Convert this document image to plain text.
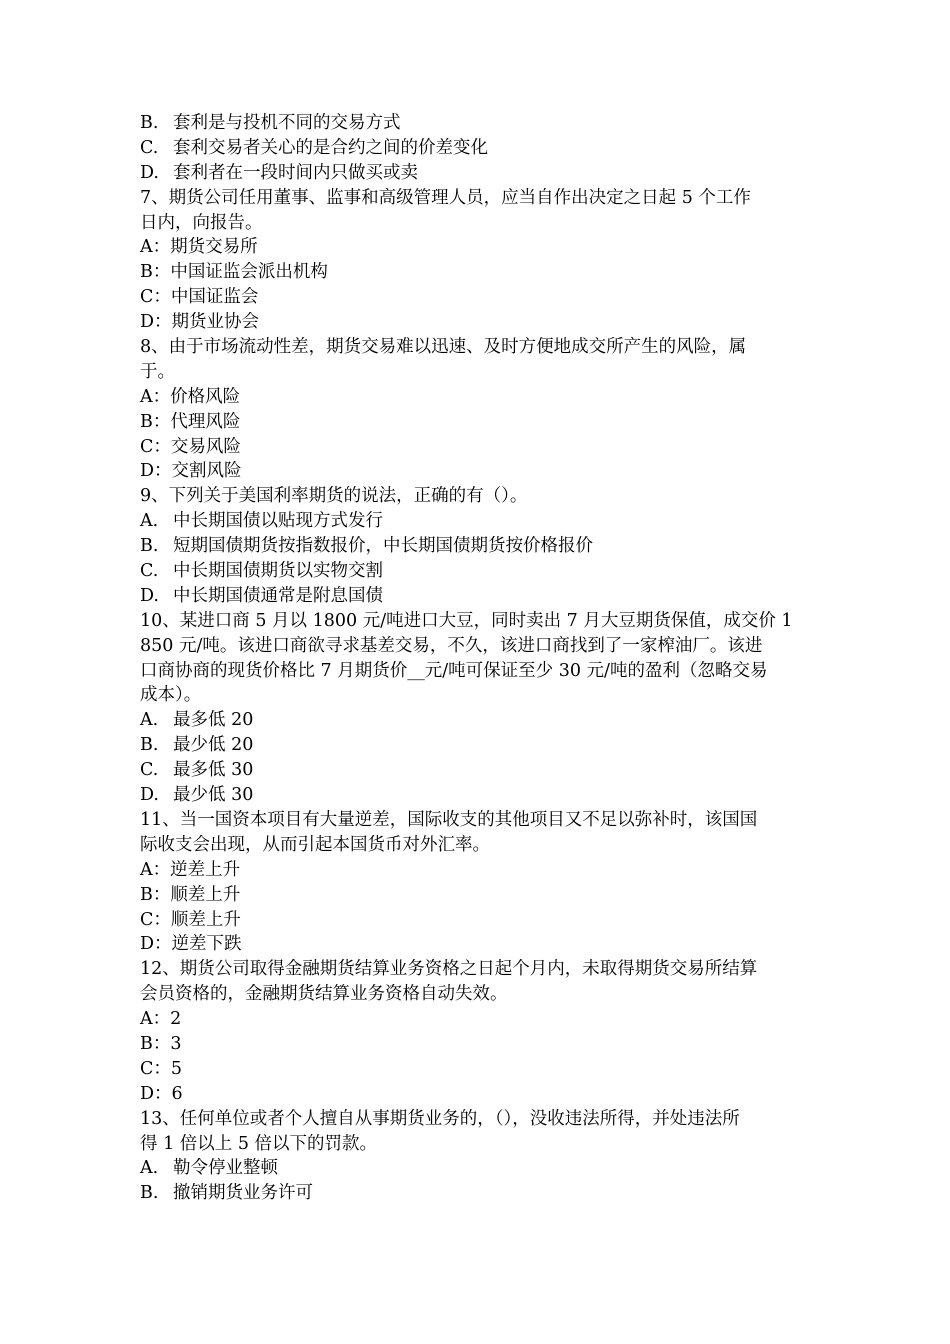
B. 套利是与投机不同的交易方式
C. 套利交易者关心的是合约之间的价差变化
D. 套利者在一段时间内只做买或卖
7、期货公司任用董事、监事和高级管理人员，应当自作出决定之日起 5 个工作
日内，向报告。
A：期货交易所
B：中国证监会派出机构
C：中国证监会
D：期货业协会
8、由于市场流动性差，期货交易难以迅速、及时方便地成交所产生的风险，属
于。
A：价格风险
B：代理风险
C：交易风险
D：交割风险
9、下列关于美国利率期货的说法，正确的有（）。
A. 中长期国债以贴现方式发行
B. 短期国债期货按指数报价，中长期国债期货按价格报价
C. 中长期国债期货以实物交割
D. 中长期国债通常是附息国债
10、某进口商 5 月以 1800 元/吨进口大豆，同时卖出 7 月大豆期货保值，成交价 1
850 元/吨。该进口商欲寻求基差交易，不久，该进口商找到了一家榨油厂。该进
口商协商的现货价格比 7 月期货价__元/吨可保证至少 30 元/吨的盈利（忽略交易
成本）。
A. 最多低 20
B. 最少低 20
C. 最多低 30
D. 最少低 30
11、当一国资本项目有大量逆差，国际收支的其他项目又不足以弥补时，该国国
际收支会出现，从而引起本国货币对外汇率。
A：逆差上升
B：顺差上升
C：顺差上升
D：逆差下跌
12、期货公司取得金融期货结算业务资格之日起个月内，未取得期货交易所结算
会员资格的，金融期货结算业务资格自动失效。
A：2
B：3
C：5
D：6
13、任何单位或者个人擅自从事期货业务的，（），没收违法所得，并处违法所
得 1 倍以上 5 倍以下的罚款。
A. 勒令停业整顿
B. 撤销期货业务许可
